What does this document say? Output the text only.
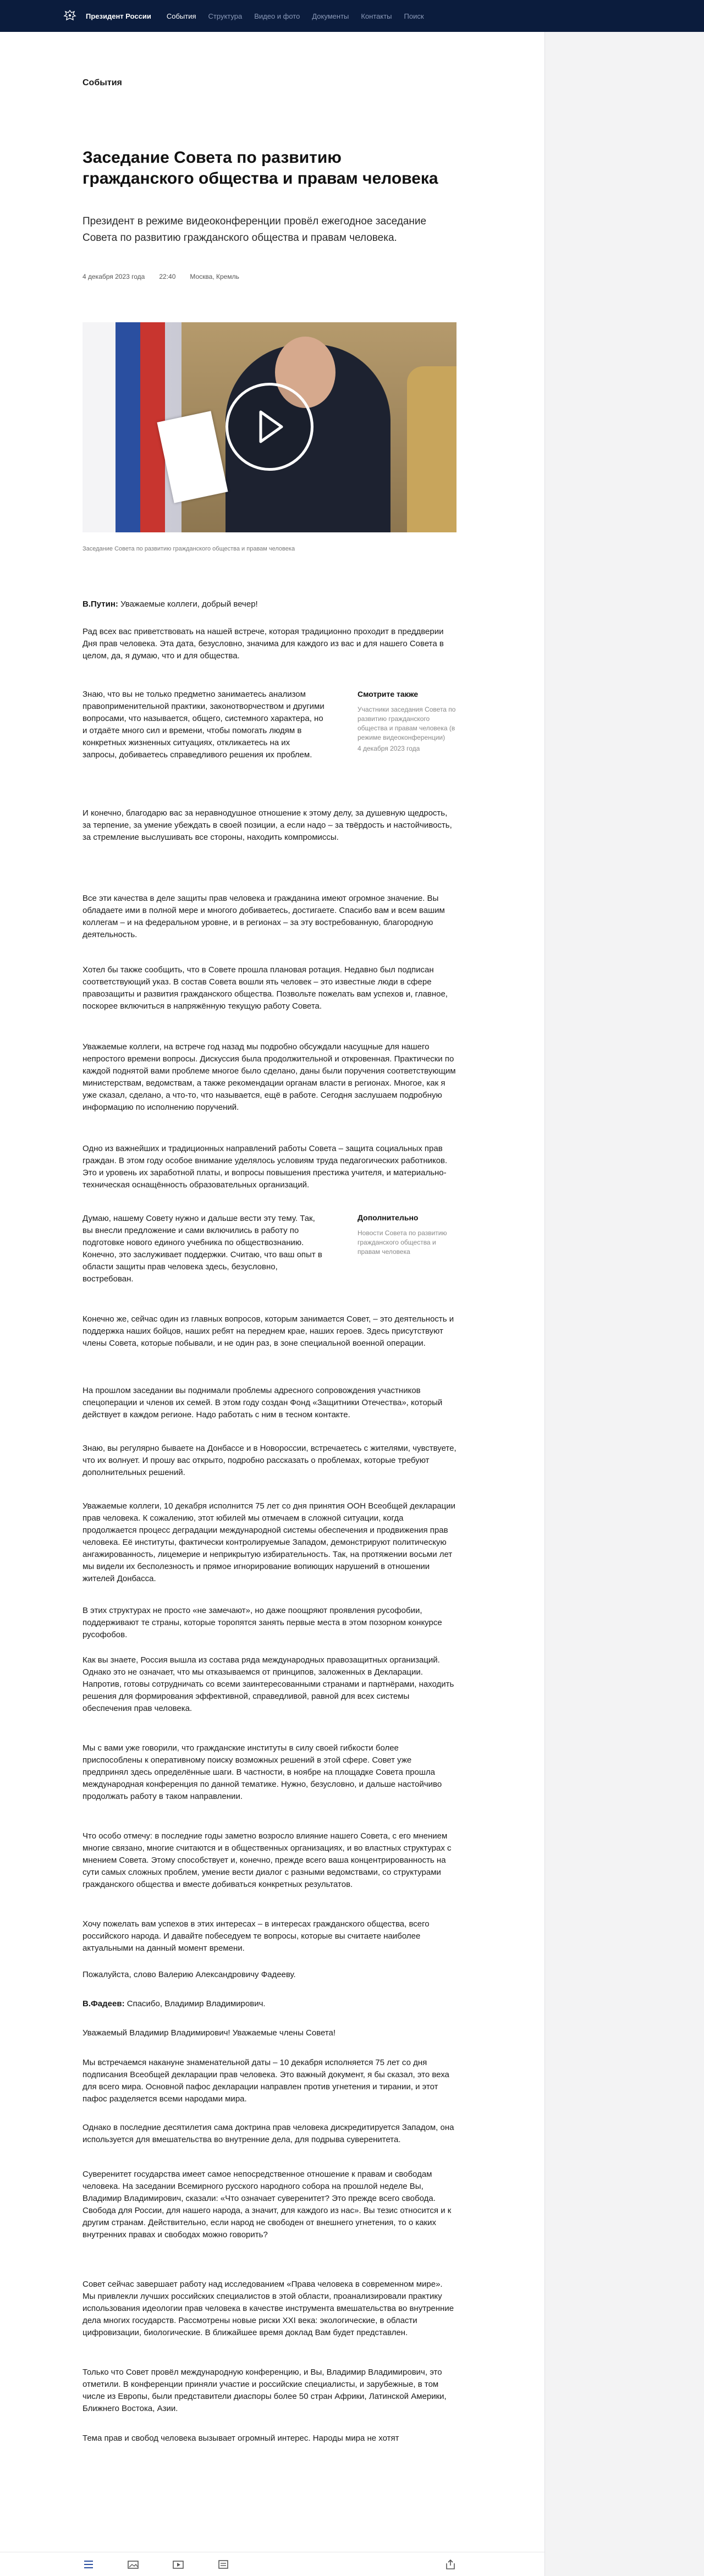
Президент России События Структура Видео и фото Документы Контакты Поиск
События
Заседание Совета по развитию гражданского общества и правам человека

Президент в режиме видеоконференции провёл ежегодное заседание Совета по развитию гражданского общества и правам человека.

4 декабря 2023 года 22:40 Москва, Кремль
Заседание Совета по развитию гражданского общества и правам человека

В.Путин: Уважаемые коллеги, добрый вечер!

Рад всех вас приветствовать на нашей встрече, которая традиционно проходит в преддверии Дня прав человека. Эта дата, безусловно, значима для каждого из вас и для нашего Совета в целом, да, я думаю, что и для общества.

Знаю, что вы не только предметно занимаетесь анализом правоприменительной практики, законотворчеством и другими вопросами, что называется, общего, системного характера, но и отдаёте много сил и времени, чтобы помогать людям в конкретных жизненных ситуациях, откликаетесь на их запросы, добиваетесь справедливого решения их проблем.

Смотрите также
Участники заседания Совета по развитию гражданского общества и правам человека (в режиме видеоконференции)
4 декабря 2023 года

И конечно, благодарю вас за неравнодушное отношение к этому делу, за душевную щедрость, за терпение, за умение убеждать в своей позиции, а если надо – за твёрдость и настойчивость, за стремление выслушивать все стороны, находить компромиссы.

Все эти качества в деле защиты прав человека и гражданина имеют огромное значение. Вы обладаете ими в полной мере и многого добиваетесь, достигаете. Спасибо вам и всем вашим коллегам – и на федеральном уровне, и в регионах – за эту востребованную, благородную деятельность.

Хотел бы также сообщить, что в Совете прошла плановая ротация. Недавно был подписан соответствующий указ. В состав Совета вошли ять человек – это известные люди в сфере правозащиты и развития гражданского общества. Позвольте пожелать вам успехов и, главное, поскорее включиться в напряжённую текущую работу Совета.

Уважаемые коллеги, на встрече год назад мы подробно обсуждали насущные для нашего непростого времени вопросы. Дискуссия была продолжительной и откровенная. Практически по каждой поднятой вами проблеме многое было сделано, даны были поручения соответствующим министерствам, ведомствам, а также рекомендации органам власти в регионах. Многое, как я уже сказал, сделано, а что-то, что называется, ещё в работе. Сегодня заслушаем подробную информацию по исполнению поручений.

Одно из важнейших и традиционных направлений работы Совета – защита социальных прав граждан. В этом году особое внимание уделялось условиям труда педагогических работников. Это и уровень их заработной платы, и вопросы повышения престижа учителя, и материально-техническая оснащённость образовательных организаций.

Думаю, нашему Совету нужно и дальше вести эту тему. Так, вы внесли предложение и сами включились в работу по подготовке нового единого учебника по обществознанию. Конечно, это заслуживает поддержки. Считаю, что ваш опыт в области защиты прав человека здесь, безусловно, востребован.

Дополнительно
Новости Совета по развитию гражданского общества и правам человека

Конечно же, сейчас один из главных вопросов, которым занимается Совет, – это деятельность и поддержка наших бойцов, наших ребят на переднем крае, наших героев. Здесь присутствуют члены Совета, которые побывали, и не один раз, в зоне специальной военной операции.

На прошлом заседании вы поднимали проблемы адресного сопровождения участников спецоперации и членов их семей. В этом году создан Фонд «Защитники Отечества», который действует в каждом регионе. Надо работать с ним в тесном контакте.

Знаю, вы регулярно бываете на Донбассе и в Новороссии, встречаетесь с жителями, чувствуете, что их волнует. И прошу вас открыто, подробно рассказать о проблемах, которые требуют дополнительных решений.

Уважаемые коллеги, 10 декабря исполнится 75 лет со дня принятия ООН Всеобщей декларации прав человека. К сожалению, этот юбилей мы отмечаем в сложной ситуации, когда продолжается процесс деградации международной системы обеспечения и продвижения прав человека. Её институты, фактически контролируемые Западом, демонстрируют политическую ангажированность, лицемерие и неприкрытую избирательность. Так, на протяжении восьми лет мы видели их бесполезность и прямое игнорирование вопиющих нарушений в отношении жителей Донбасса.

В этих структурах не просто «не замечают», но даже поощряют проявления русофобии, поддерживают те страны, которые торопятся занять первые места в этом позорном конкурсе русофобов.

Как вы знаете, Россия вышла из состава ряда международных правозащитных организаций. Однако это не означает, что мы отказываемся от принципов, заложенных в Декларации. Напротив, готовы сотрудничать со всеми заинтересованными странами и партнёрами, находить решения для формирования эффективной, справедливой, равной для всех системы обеспечения прав человека.

Мы с вами уже говорили, что гражданские институты в силу своей гибкости более приспособлены к оперативному поиску возможных решений в этой сфере. Совет уже предпринял здесь определённые шаги. В частности, в ноябре на площадке Совета прошла международная конференция по данной тематике. Нужно, безусловно, и дальше настойчиво продолжать работу в таком направлении.

Что особо отмечу: в последние годы заметно возросло влияние нашего Совета, с его мнением многие связано, многие считаются и в общественных организациях, и во властных структурах с мнением Совета. Этому способствует и, конечно, прежде всего ваша концентрированность на сути самых сложных проблем, умение вести диалог с разными ведомствами, со структурами гражданского общества и вместе добиваться конкретных результатов.

Хочу пожелать вам успехов в этих интересах – в интересах гражданского общества, всего российского народа. И давайте побеседуем те вопросы, которые вы считаете наиболее актуальными на данный момент времени.

Пожалуйста, слово Валерию Александровичу Фадееву.

В.Фадеев: Спасибо, Владимир Владимирович.

Уважаемый Владимир Владимирович! Уважаемые члены Совета!

Мы встречаемся накануне знаменательной даты – 10 декабря исполняется 75 лет со дня подписания Всеобщей декларации прав человека. Это важный документ, я бы сказал, это веха для всего мира. Основной пафос декларации направлен против угнетения и тирании, и этот пафос разделяется всеми народами мира.

Однако в последние десятилетия сама доктрина прав человека дискредитируется Западом, она используется для вмешательства во внутренние дела, для подрыва суверенитета.

Суверенитет государства имеет самое непосредственное отношение к правам и свободам человека. На заседании Всемирного русского народного собора на прошлой неделе Вы, Владимир Владимирович, сказали: «Что означает суверенитет? Это прежде всего свобода. Свобода для России, для нашего народа, а значит, для каждого из нас». Вы тезис относится и к другим странам. Действительно, если народ не свободен от внешнего угнетения, то о каких внутренних правах и свободах можно говорить?

Совет сейчас завершает работу над исследованием «Права человека в современном мире». Мы привлекли лучших российских специалистов в этой области, проанализировали практику использования идеологии прав человека в качестве инструмента вмешательства во внутренние дела многих государств. Рассмотрены новые риски XXI века: экологические, в области цифровизации, биологические. В ближайшее время доклад Вам будет представлен.

Только что Совет провёл международную конференцию, и Вы, Владимир Владимирович, это отметили. В конференции приняли участие и российские специалисты, и зарубежные, в том числе из Европы, были представители диаспоры более 50 стран Африки, Латинской Америки, Ближнего Востока, Азии.

Тема прав и свобод человека вызывает огромный интерес. Народы мира не хотят
